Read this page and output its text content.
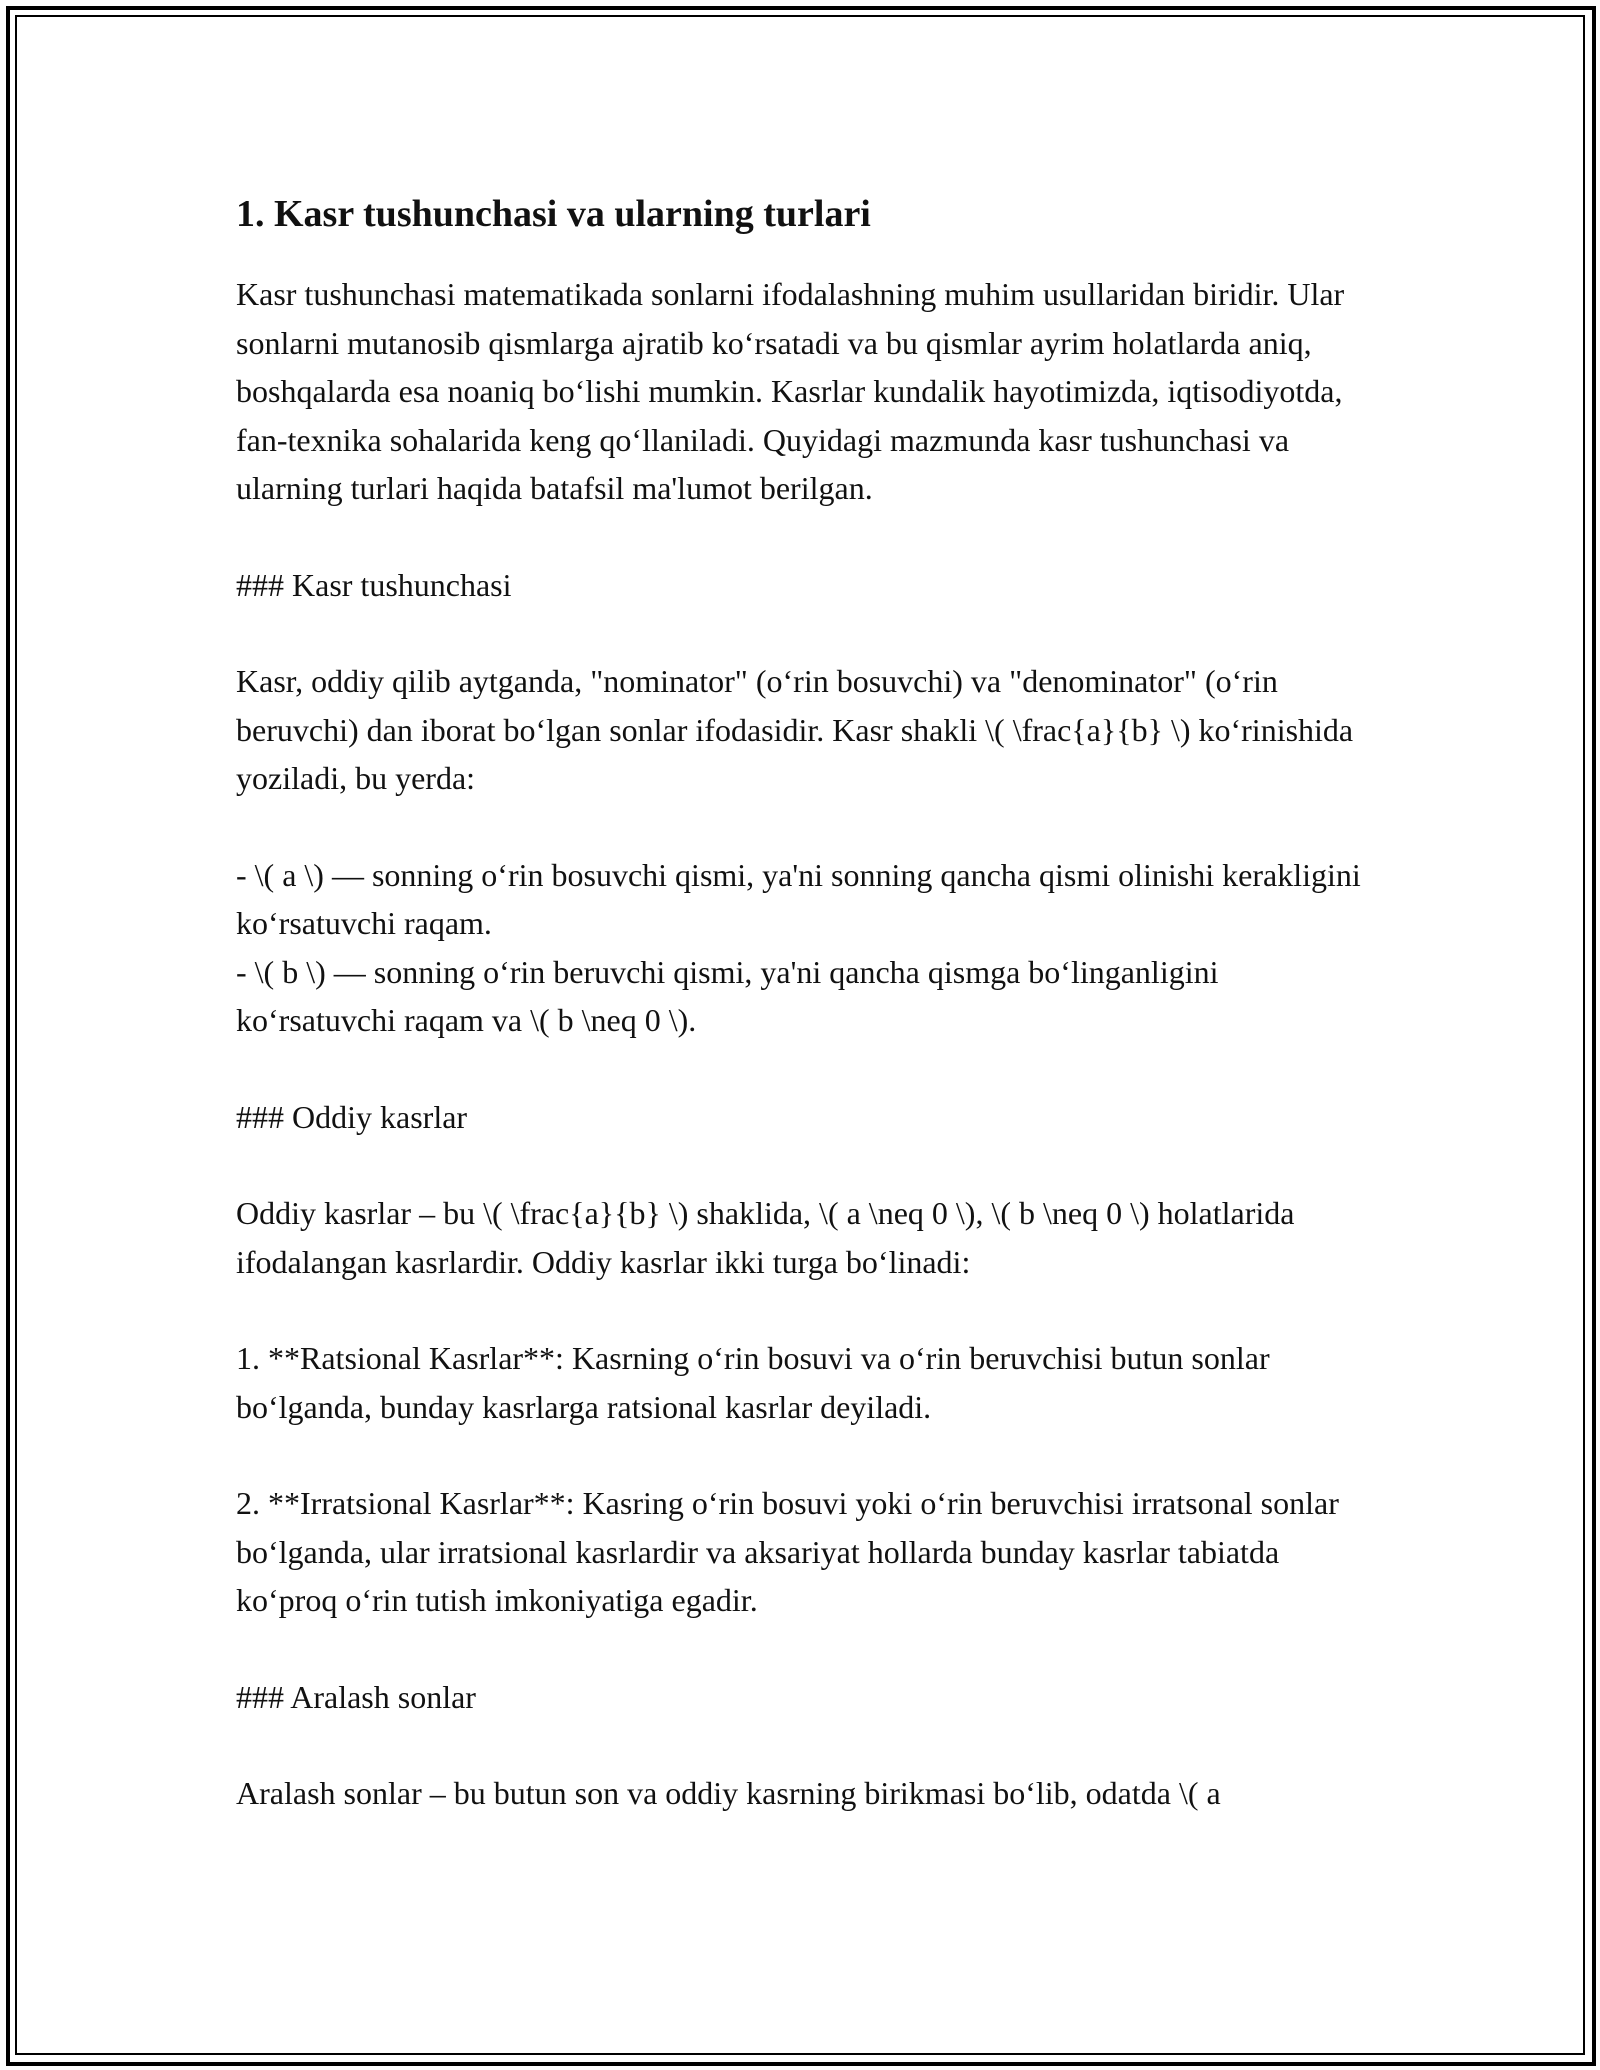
1. Kasr tushunchasi va ularning turlari

Kasr tushunchasi matematikada sonlarni ifodalashning muhim usullaridan biridir. Ular sonlarni mutanosib qismlarga ajratib ko‘rsatadi va bu qismlar ayrim holatlarda aniq, boshqalarda esa noaniq bo‘lishi mumkin. Kasrlar kundalik hayotimizda, iqtisodiyotda, fan-texnika sohalarida keng qo‘llaniladi. Quyidagi mazmunda kasr tushunchasi va ularning turlari haqida batafsil ma'lumot berilgan.

### Kasr tushunchasi

Kasr, oddiy qilib aytganda, "nominator" (o‘rin bosuvchi) va "denominator" (o‘rin beruvchi) dan iborat bo‘lgan sonlar ifodasidir. Kasr shakli \( \frac{a}{b} \) ko‘rinishida yoziladi, bu yerda:

- \( a \) — sonning o‘rin bosuvchi qismi, ya'ni sonning qancha qismi olinishi kerakligini ko‘rsatuvchi raqam.

- \( b \) — sonning o‘rin beruvchi qismi, ya'ni qancha qismga bo‘linganligini ko‘rsatuvchi raqam va \( b \neq 0 \).

### Oddiy kasrlar

Oddiy kasrlar – bu \( \frac{a}{b} \) shaklida, \( a \neq 0 \), \( b \neq 0 \) holatlarida ifodalangan kasrlardir. Oddiy kasrlar ikki turga bo‘linadi:

1. **Ratsional Kasrlar**: Kasrning o‘rin bosuvi va o‘rin beruvchisi butun sonlar bo‘lganda, bunday kasrlarga ratsional kasrlar deyiladi.

2. **Irratsional Kasrlar**: Kasring o‘rin bosuvi yoki o‘rin beruvchisi irratsonal sonlar bo‘lganda, ular irratsional kasrlardir va aksariyat hollarda bunday kasrlar tabiatda ko‘proq o‘rin tutish imkoniyatiga egadir.

### Aralash sonlar

Aralash sonlar – bu butun son va oddiy kasrning birikmasi bo‘lib, odatda \( a
